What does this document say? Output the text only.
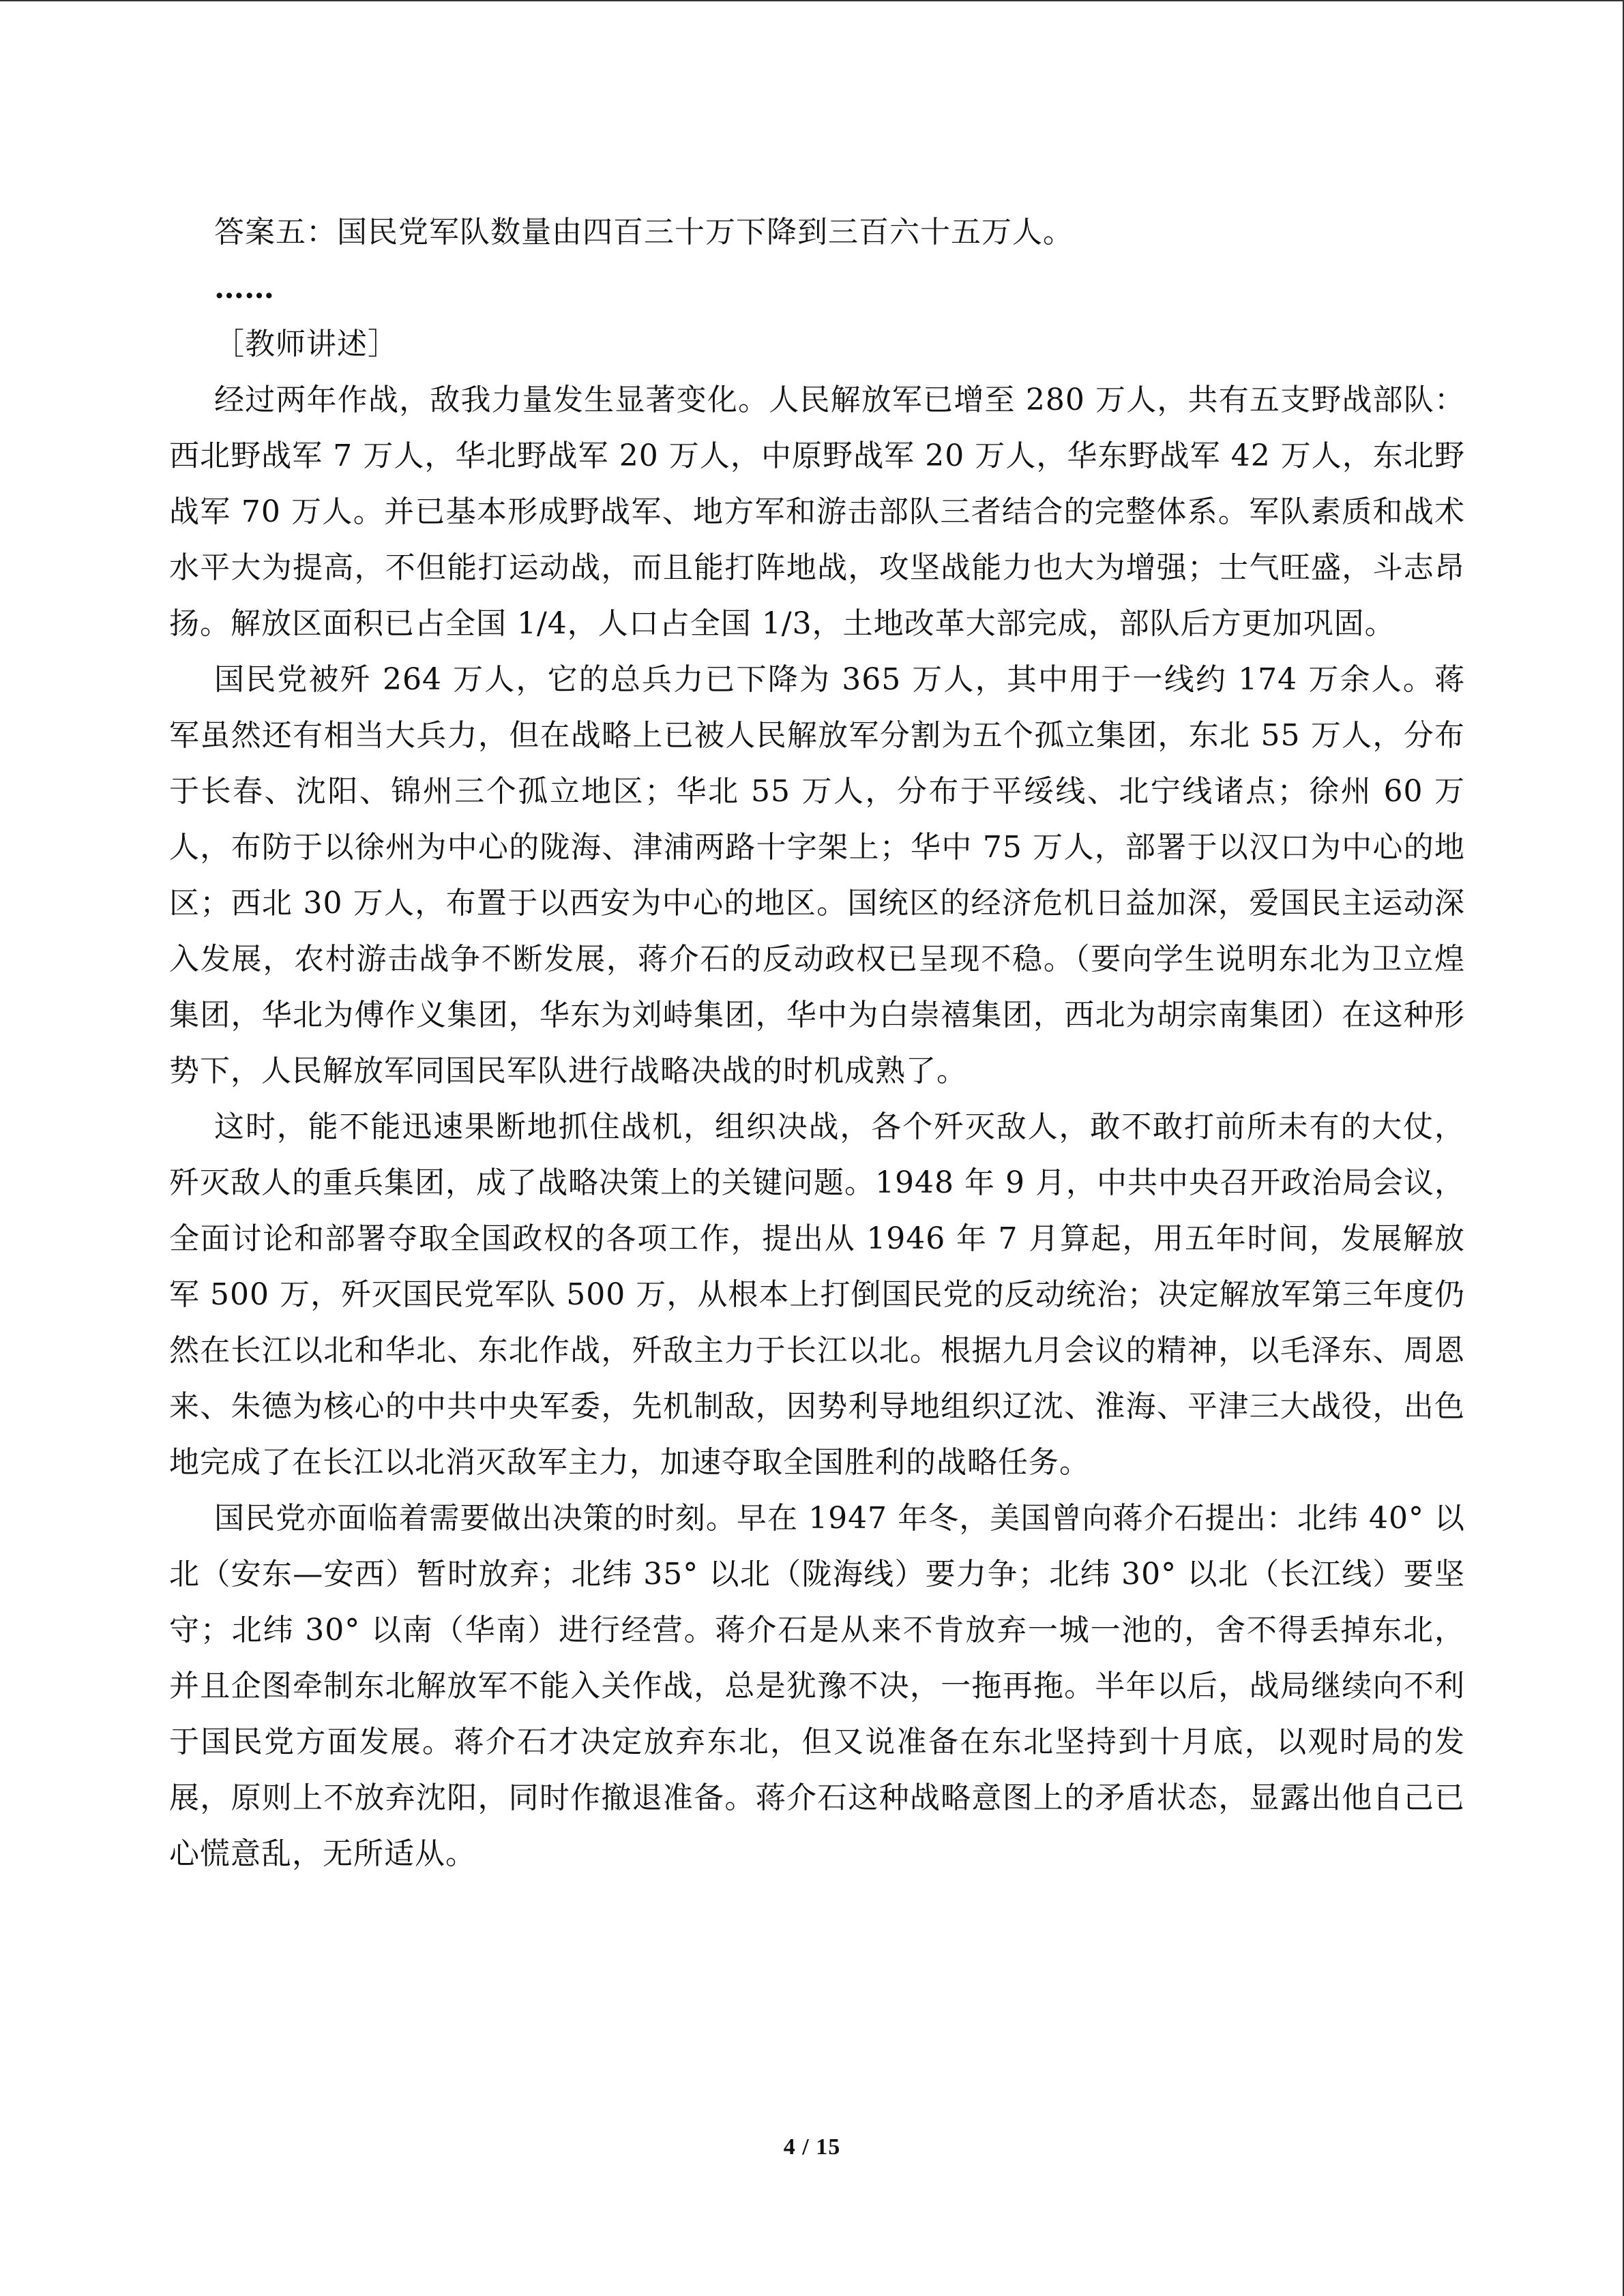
答案五：国民党军队数量由四百三十万下降到三百六十五万人。

……

［教师讲述］

经过两年作战，敌我力量发生显著变化。人民解放军已增至 280 万人，共有五支野战部队：西北野战军 7 万人，华北野战军 20 万人，中原野战军 20 万人，华东野战军 42 万人，东北野战军 70 万人。并已基本形成野战军、地方军和游击部队三者结合的完整体系。军队素质和战术水平大为提高，不但能打运动战，而且能打阵地战，攻坚战能力也大为增强；士气旺盛，斗志昂扬。解放区面积已占全国 1/4，人口占全国 1/3，土地改革大部完成，部队后方更加巩固。

国民党被歼 264 万人，它的总兵力已下降为 365 万人，其中用于一线约 174 万余人。蒋军虽然还有相当大兵力，但在战略上已被人民解放军分割为五个孤立集团，东北 55 万人，分布于长春、沈阳、锦州三个孤立地区；华北 55 万人，分布于平绥线、北宁线诸点；徐州 60 万人，布防于以徐州为中心的陇海、津浦两路十字架上；华中 75 万人，部署于以汉口为中心的地区；西北 30 万人，布置于以西安为中心的地区。国统区的经济危机日益加深，爱国民主运动深入发展，农村游击战争不断发展，蒋介石的反动政权已呈现不稳。（要向学生说明东北为卫立煌集团，华北为傅作义集团，华东为刘峙集团，华中为白崇禧集团，西北为胡宗南集团）在这种形势下，人民解放军同国民军队进行战略决战的时机成熟了。

这时，能不能迅速果断地抓住战机，组织决战，各个歼灭敌人，敢不敢打前所未有的大仗，歼灭敌人的重兵集团，成了战略决策上的关键问题。1948 年 9 月，中共中央召开政治局会议，全面讨论和部署夺取全国政权的各项工作，提出从 1946 年 7 月算起，用五年时间，发展解放军 500 万，歼灭国民党军队 500 万，从根本上打倒国民党的反动统治；决定解放军第三年度仍然在长江以北和华北、东北作战，歼敌主力于长江以北。根据九月会议的精神，以毛泽东、周恩来、朱德为核心的中共中央军委，先机制敌，因势利导地组织辽沈、淮海、平津三大战役，出色地完成了在长江以北消灭敌军主力，加速夺取全国胜利的战略任务。

国民党亦面临着需要做出决策的时刻。早在 1947 年冬，美国曾向蒋介石提出：北纬 40° 以北（安东—安西）暂时放弃；北纬 35° 以北（陇海线）要力争；北纬 30° 以北（长江线）要坚守；北纬 30° 以南（华南）进行经营。蒋介石是从来不肯放弃一城一池的，舍不得丢掉东北，并且企图牵制东北解放军不能入关作战，总是犹豫不决，一拖再拖。半年以后，战局继续向不利于国民党方面发展。蒋介石才决定放弃东北，但又说准备在东北坚持到十月底，以观时局的发展，原则上不放弃沈阳，同时作撤退准备。蒋介石这种战略意图上的矛盾状态，显露出他自己已心慌意乱，无所适从。

4 / 15
